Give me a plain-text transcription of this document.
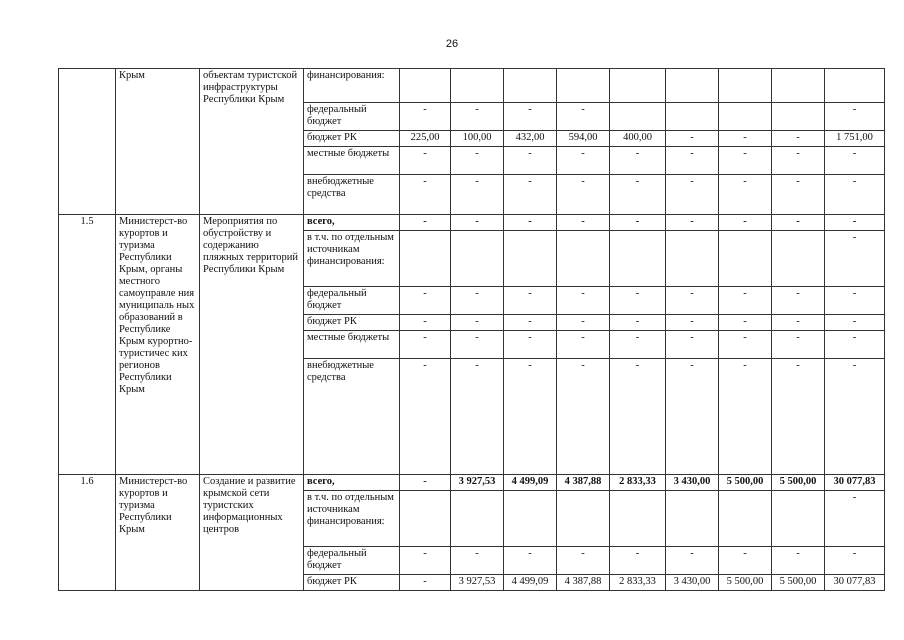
26
	Крым	объектам туристской инфраструктуры Республики Крым	финансирования:									
			федеральный бюджет	-	-	-	-					-
			бюджет РК	225,00	100,00	432,00	594,00	400,00	-	-	-	1 751,00
			местные бюджеты	-	-	-	-	-	-	-	-	-
			внебюджетные средства	-	-	-	-	-	-	-	-	-
1.5	Министерст-во курортов и туризма Республики Крым, органы местного самоуправле ния муниципаль ных образований в Республике Крым курортно-туристичес ких регионов Республики Крым	Мероприятия по обустройству и содержанию пляжных территорий Республики Крым	всего,	-	-	-	-	-	-	-	-	-
			в т.ч. по отдельным источникам финансирования:									-
			федеральный бюджет	-	-	-	-	-	-	-	-	-
			бюджет РК	-	-	-	-	-	-	-	-	-
			местные бюджеты	-	-	-	-	-	-	-	-	-
			внебюджетные средства	-	-	-	-	-	-	-	-	-
1.6	Министерст-во курортов и туризма Республики Крым	Создание и развитие крымской сети туристских информационных центров	всего,	-	3 927,53	4 499,09	4 387,88	2 833,33	3 430,00	5 500,00	5 500,00	30 077,83
			в т.ч. по отдельным источникам финансирования:									-
			федеральный бюджет	-	-	-	-	-	-	-	-	-
			бюджет РК	-	3 927,53	4 499,09	4 387,88	2 833,33	3 430,00	5 500,00	5 500,00	30 077,83
